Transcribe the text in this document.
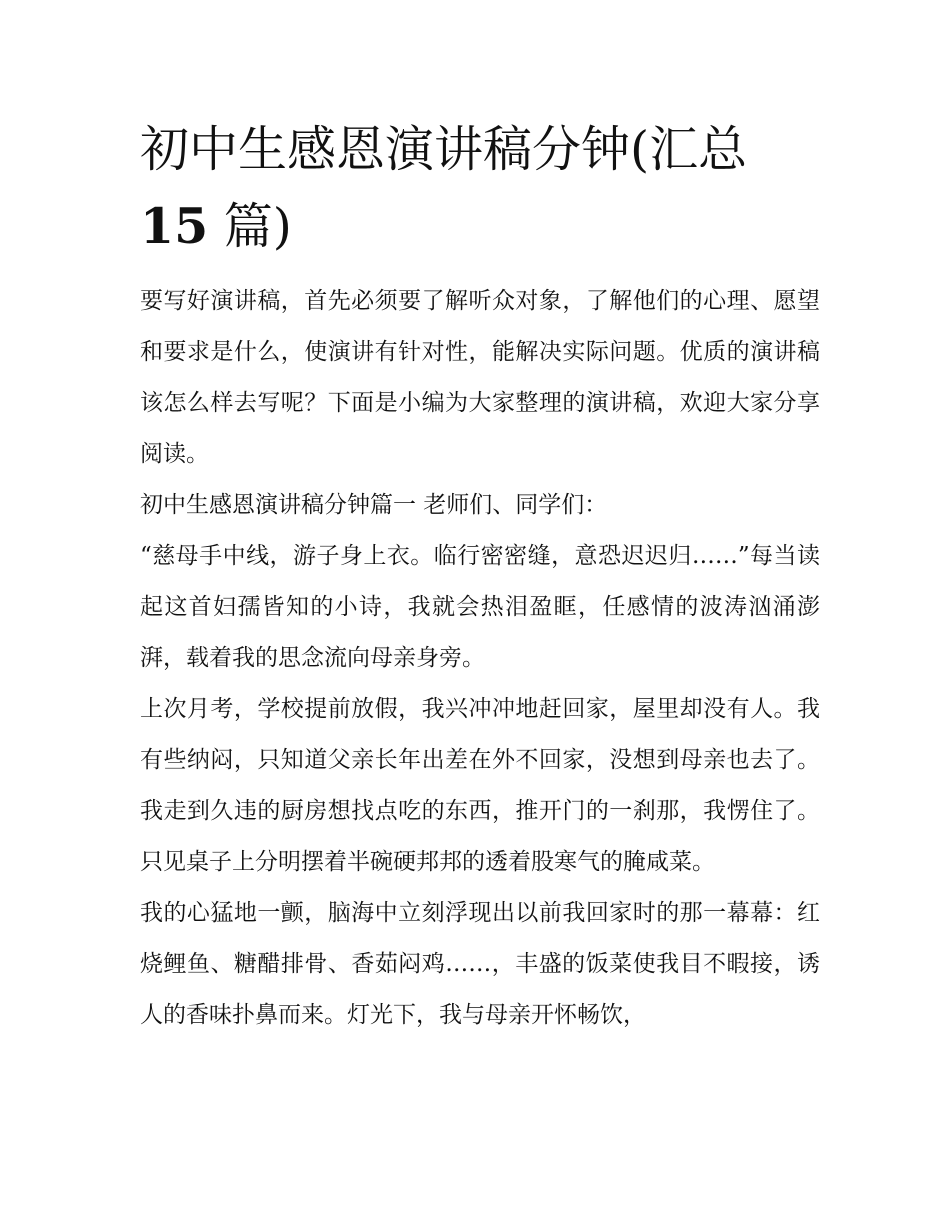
初中生感恩演讲稿分钟(汇总
15 篇)

要写好演讲稿，首先必须要了解听众对象，了解他们的心理、愿望和要求是什么，使演讲有针对性，能解决实际问题。优质的演讲稿该怎么样去写呢？下面是小编为大家整理的演讲稿，欢迎大家分享阅读。

初中生感恩演讲稿分钟篇一 老师们、同学们：

“慈母手中线，游子身上衣。临行密密缝，意恐迟迟归……”每当读起这首妇孺皆知的小诗，我就会热泪盈眶，任感情的波涛汹涌澎湃，载着我的思念流向母亲身旁。

上次月考，学校提前放假，我兴冲冲地赶回家，屋里却没有人。我有些纳闷，只知道父亲长年出差在外不回家，没想到母亲也去了。我走到久违的厨房想找点吃的东西，推开门的一刹那，我愣住了。只见桌子上分明摆着半碗硬邦邦的透着股寒气的腌咸菜。

我的心猛地一颤，脑海中立刻浮现出以前我回家时的那一幕幕：红烧鲤鱼、糖醋排骨、香茹闷鸡……，丰盛的饭菜使我目不暇接，诱人的香味扑鼻而来。灯光下，我与母亲开怀畅饮，
